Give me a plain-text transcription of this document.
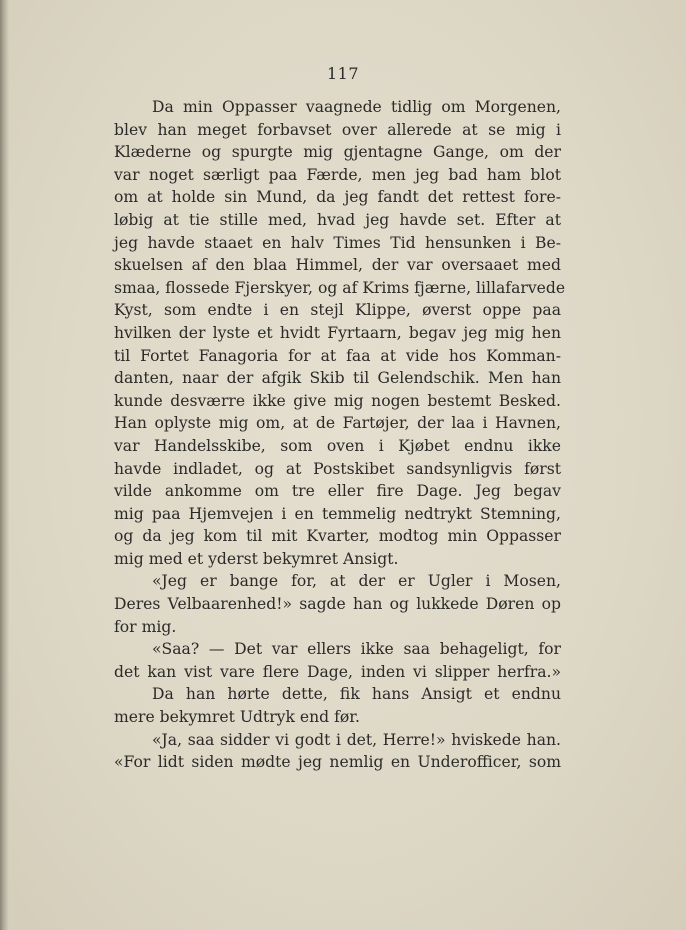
117
Da min Oppasser vaagnede tidlig om Morgenen,
blev han meget forbavset over allerede at se mig i
Klæderne og spurgte mig gjentagne Gange, om der
var noget særligt paa Færde, men jeg bad ham blot
om at holde sin Mund, da jeg fandt det rettest fore-
løbig at tie stille med, hvad jeg havde set. Efter at
jeg havde staaet en halv Times Tid hensunken i Be-
skuelsen af den blaa Himmel, der var oversaaet med
smaa, flossede Fjerskyer, og af Krims fjærne, lillafarvede
Kyst, som endte i en stejl Klippe, øverst oppe paa
hvilken der lyste et hvidt Fyrtaarn, begav jeg mig hen
til Fortet Fanagoria for at faa at vide hos Komman-
danten, naar der afgik Skib til Gelendschik. Men han
kunde desværre ikke give mig nogen bestemt Besked.
Han oplyste mig om, at de Fartøjer, der laa i Havnen,
var Handelsskibe, som oven i Kjøbet endnu ikke
havde indladet, og at Postskibet sandsynligvis først
vilde ankomme om tre eller fire Dage. Jeg begav
mig paa Hjemvejen i en temmelig nedtrykt Stemning,
og da jeg kom til mit Kvarter, modtog min Oppasser
mig med et yderst bekymret Ansigt.
«Jeg er bange for, at der er Ugler i Mosen,
Deres Velbaarenhed!» sagde han og lukkede Døren op
for mig.
«Saa? — Det var ellers ikke saa behageligt, for
det kan vist vare flere Dage, inden vi slipper herfra.»
Da han hørte dette, fik hans Ansigt et endnu
mere bekymret Udtryk end før.
«Ja, saa sidder vi godt i det, Herre!» hviskede han.
«For lidt siden mødte jeg nemlig en Underofficer, som
